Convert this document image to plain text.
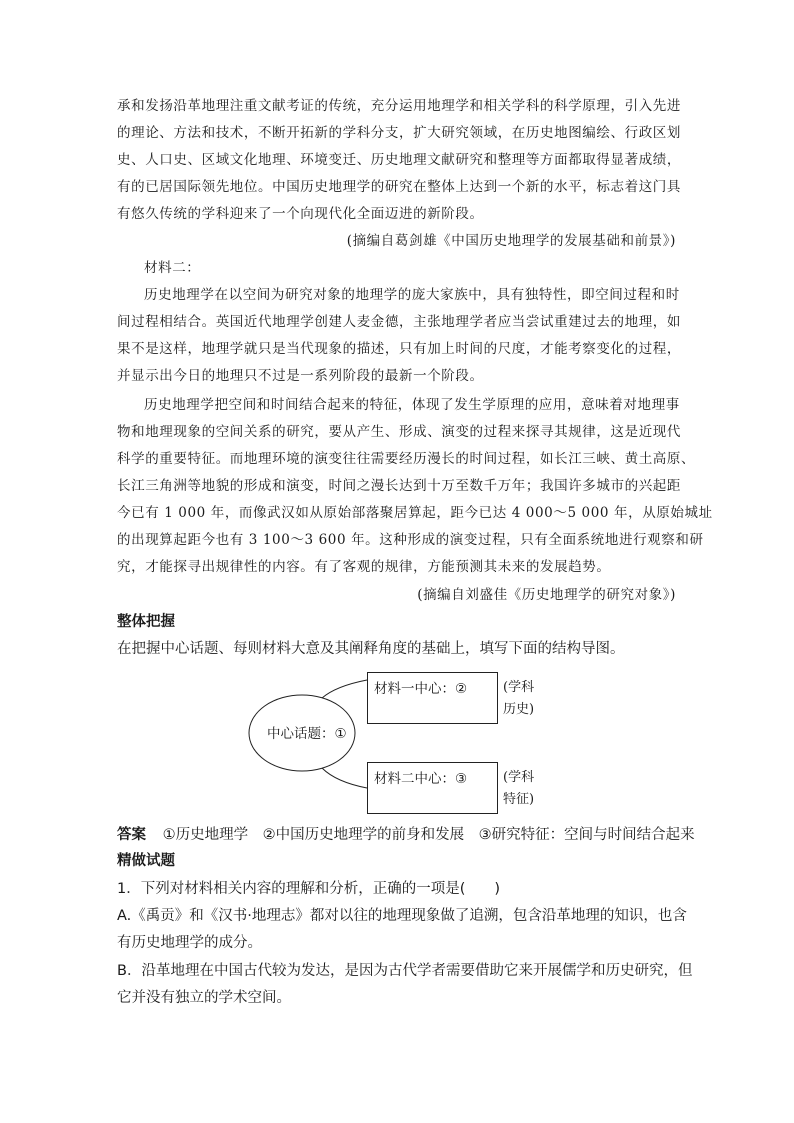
承和发扬沿革地理注重文献考证的传统，充分运用地理学和相关学科的科学原理，引入先进
的理论、方法和技术，不断开拓新的学科分支，扩大研究领域，在历史地图编绘、行政区划
史、人口史、区域文化地理、环境变迁、历史地理文献研究和整理等方面都取得显著成绩，
有的已居国际领先地位。中国历史地理学的研究在整体上达到一个新的水平，标志着这门具
有悠久传统的学科迎来了一个向现代化全面迈进的新阶段。
(摘编自葛剑雄《中国历史地理学的发展基础和前景》)
材料二：
历史地理学在以空间为研究对象的地理学的庞大家族中，具有独特性，即空间过程和时
间过程相结合。英国近代地理学创建人麦金德，主张地理学者应当尝试重建过去的地理，如
果不是这样，地理学就只是当代现象的描述，只有加上时间的尺度，才能考察变化的过程，
并显示出今日的地理只不过是一系列阶段的最新一个阶段。
历史地理学把空间和时间结合起来的特征，体现了发生学原理的应用，意味着对地理事
物和地理现象的空间关系的研究，要从产生、形成、演变的过程来探寻其规律，这是近现代
科学的重要特征。而地理环境的演变往往需要经历漫长的时间过程，如长江三峡、黄土高原、
长江三角洲等地貌的形成和演变，时间之漫长达到十万至数千万年；我国许多城市的兴起距
今已有 1 000 年，而像武汉如从原始部落聚居算起，距今已达 4 000～5 000 年，从原始城址
的出现算起距今也有 3 100～3 600 年。这种形成的演变过程，只有全面系统地进行观察和研
究，才能探寻出规律性的内容。有了客观的规律，方能预测其未来的发展趋势。
(摘编自刘盛佳《历史地理学的研究对象》)
整体把握
在把握中心话题、每则材料大意及其阐释角度的基础上，填写下面的结构导图。
中心话题：①
材料一中心：②	(学科
历史)
材料二中心：③	(学科
特征)
答案 ①历史地理学　②中国历史地理学的前身和发展　③研究特征：空间与时间结合起来
精做试题
1．下列对材料相关内容的理解和分析，正确的一项是(　　)
A.《禹贡》和《汉书·地理志》都对以往的地理现象做了追溯，包含沿革地理的知识，也含
有历史地理学的成分。
B．沿革地理在中国古代较为发达，是因为古代学者需要借助它来开展儒学和历史研究，但
它并没有独立的学术空间。
